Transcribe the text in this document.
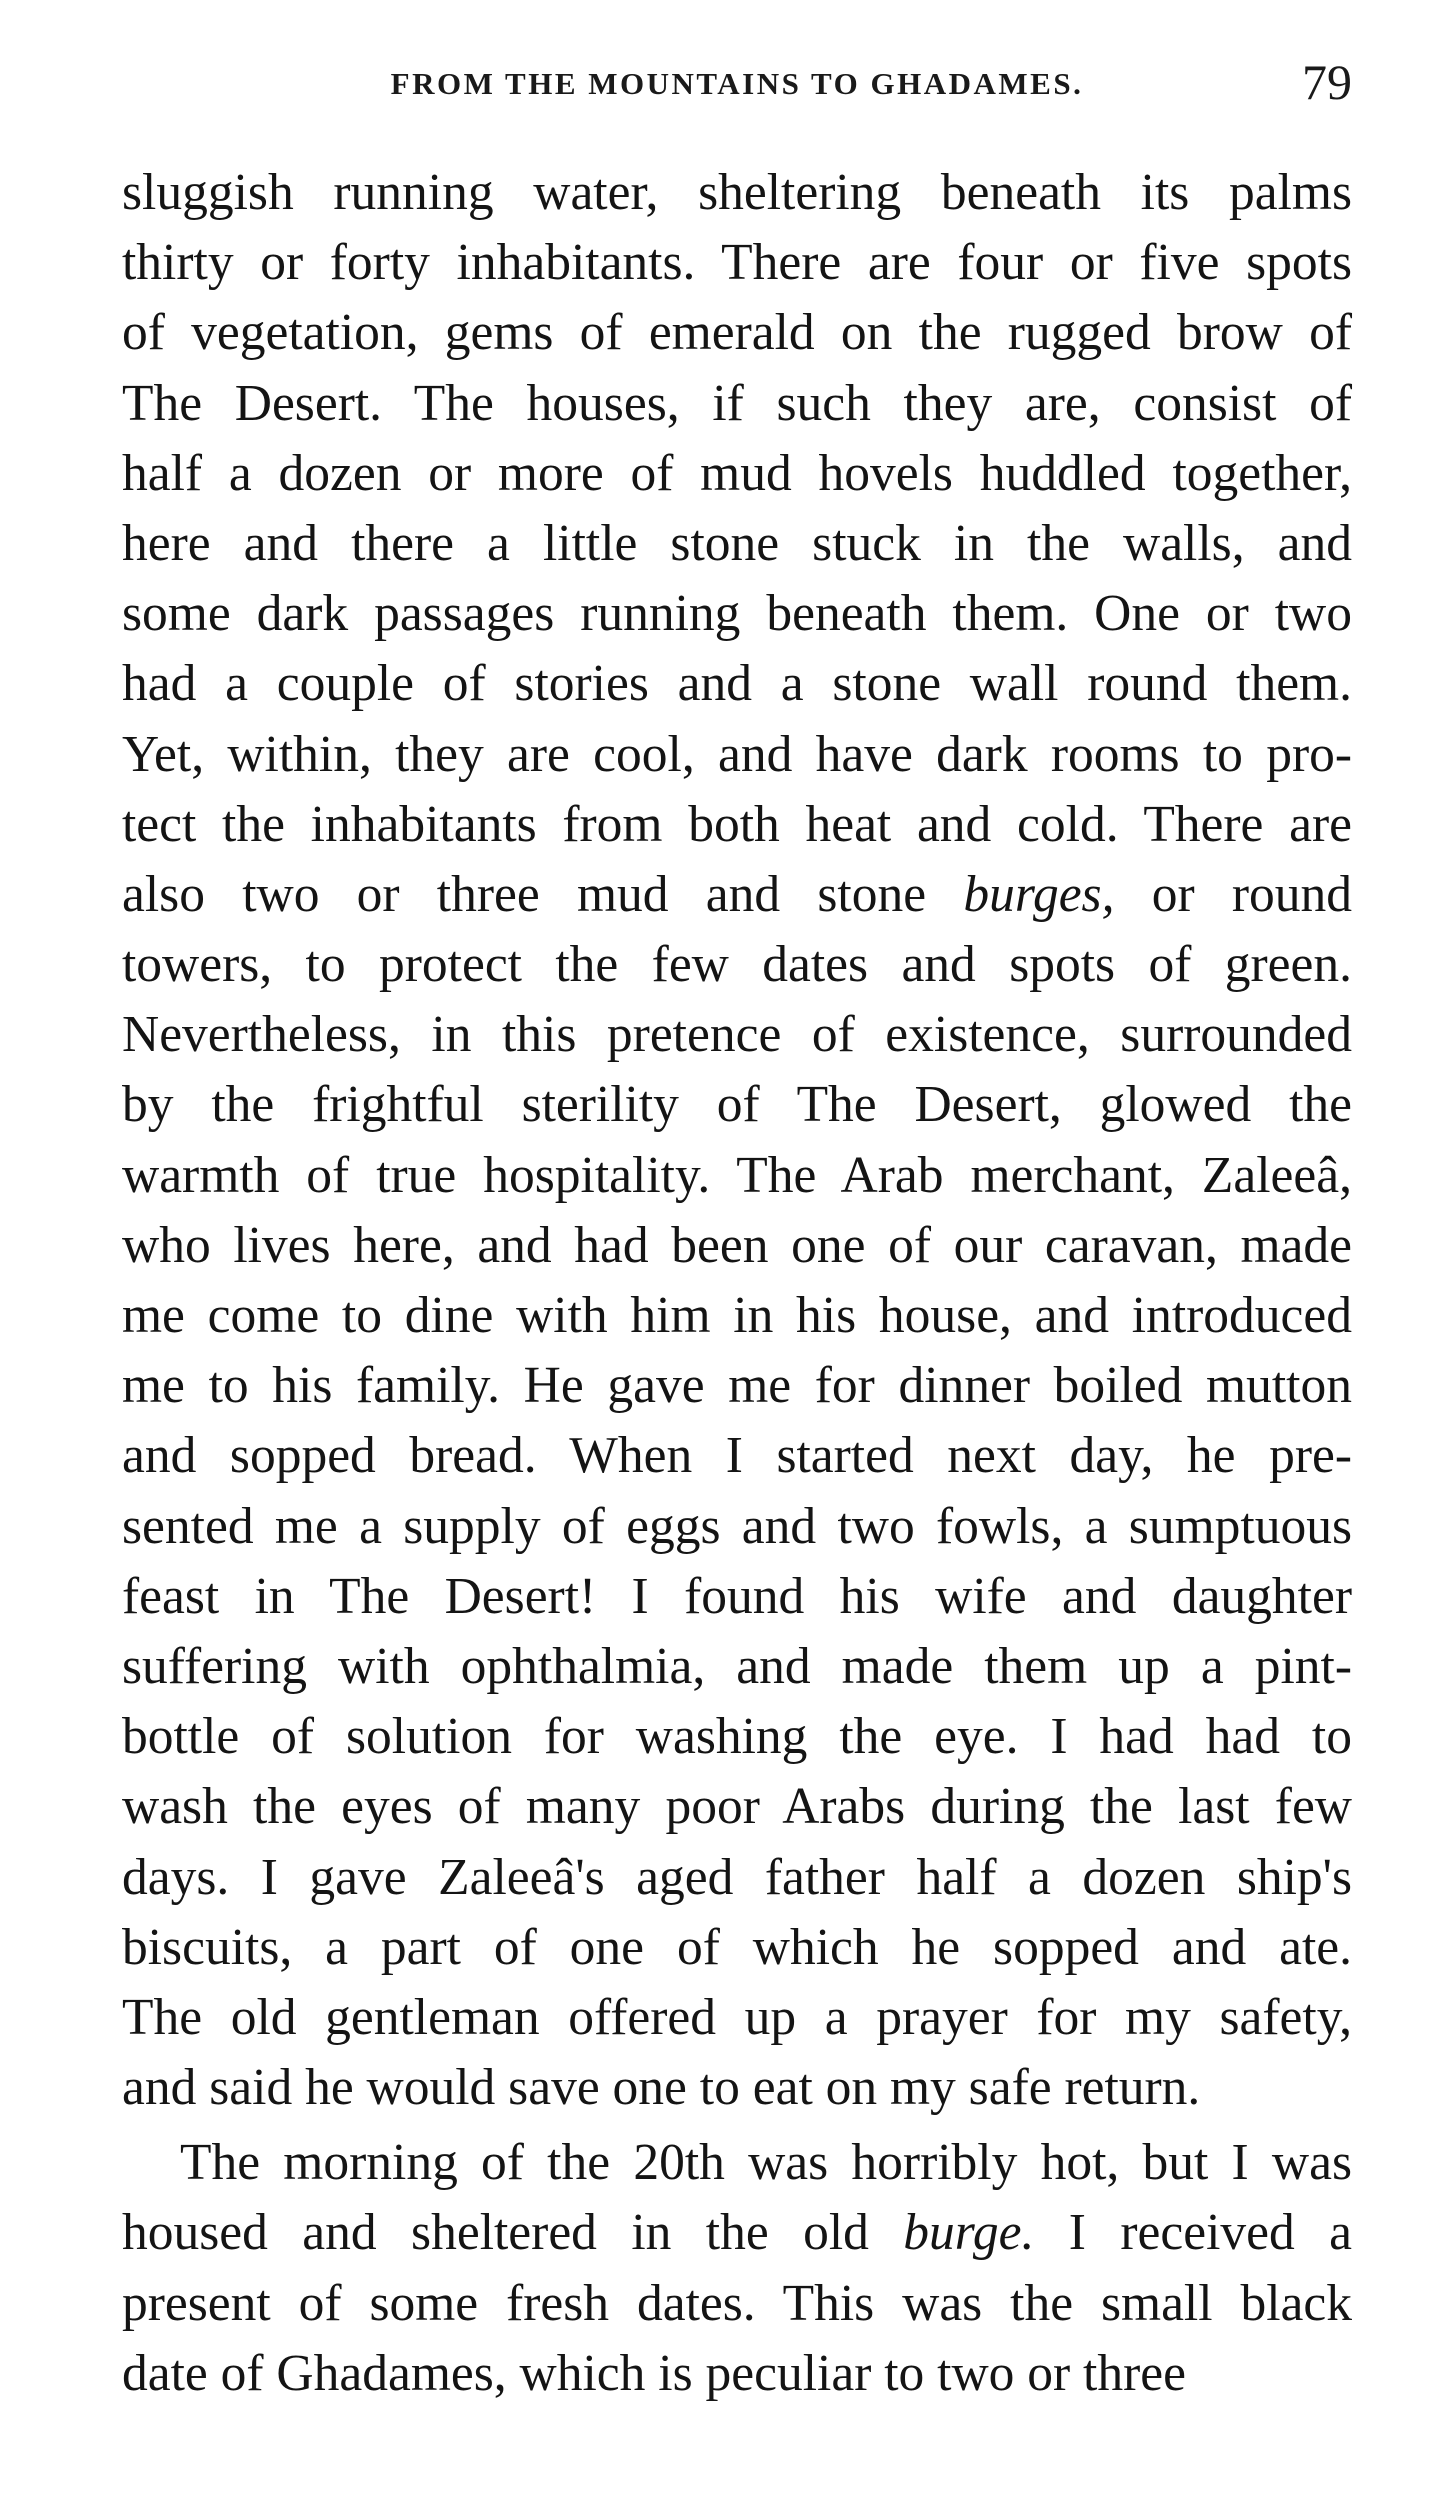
FROM THE MOUNTAINS TO GHADAMES.	79
sluggish running water, sheltering beneath its palms
thirty or forty inhabitants. There are four or five spots
of vegetation, gems of emerald on the rugged brow of
The Desert. The houses, if such they are, consist of
half a dozen or more of mud hovels huddled together,
here and there a little stone stuck in the walls, and
some dark passages running beneath them. One or two
had a couple of stories and a stone wall round them.
Yet, within, they are cool, and have dark rooms to pro-
tect the inhabitants from both heat and cold. There are
also two or three mud and stone burges, or round
towers, to protect the few dates and spots of green.
Nevertheless, in this pretence of existence, surrounded
by the frightful sterility of The Desert, glowed the
warmth of true hospitality. The Arab merchant, Zaleeâ,
who lives here, and had been one of our caravan, made
me come to dine with him in his house, and introduced
me to his family. He gave me for dinner boiled mutton
and sopped bread. When I started next day, he pre-
sented me a supply of eggs and two fowls, a sumptuous
feast in The Desert! I found his wife and daughter
suffering with ophthalmia, and made them up a pint-
bottle of solution for washing the eye. I had had to
wash the eyes of many poor Arabs during the last few
days. I gave Zaleeâ's aged father half a dozen ship's
biscuits, a part of one of which he sopped and ate.
The old gentleman offered up a prayer for my safety,
and said he would save one to eat on my safe return.
The morning of the 20th was horribly hot, but I was
housed and sheltered in the old burge. I received a
present of some fresh dates. This was the small black
date of Ghadames, which is peculiar to two or three
